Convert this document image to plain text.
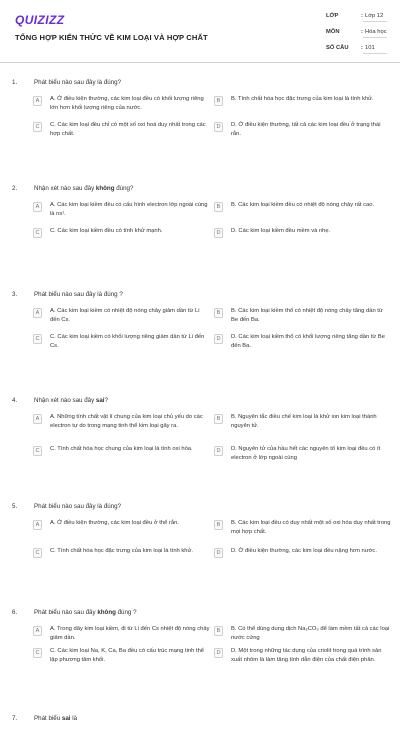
QUIZIZZ
TỔNG HỢP KIẾN THỨC VỀ KIM LOẠI VÀ HỢP CHẤT
LỚP	: Lớp 12
MÔN	: Hóa học
SỐ CÂU : 101
1.	Phát biểu nào sau đây là đúng?
A	A. Ở điều kiện thường, các kim loại đều có khối lượng riêng lớn hơn khối lượng riêng của nước.
B	B. Tính chất hóa học đặc trưng của kim loại là tính khử.
C	C. Các kim loại đều chỉ có một số oxi hoá duy nhất trong các hợp chất.
D	D. Ở điều kiện thường, tất cả các kim loại đều ở trạng thái rắn.
2.	Nhận xét nào sau đây không đúng?
A	A. Các kim loại kiềm đều có cấu hình electron lớp ngoài cùng là ns¹.
B	B. Các kim loại kiềm đều có nhiệt độ nóng chảy rất cao.
C	C. Các kim loại kiềm đều có tính khử mạnh.	D	D. Các kim loại kiềm đều mềm và nhẹ.
3.	Phát biểu nào sau đây là đúng ?
A	A. Các kim loại kiềm có nhiệt độ nóng chảy giảm dần từ Li đến Cs.
B	B. Các kim loại kiềm thổ có nhiệt độ nóng chảy tăng dần từ Be đến Ba.
C	C. Các kim loại kiềm có khối lượng riêng giảm dần từ Li đến Cs.
D	D. Các kim loại kiềm thổ có khối lượng riêng tăng dần từ Be đến Ba.
4.	Nhận xét nào sau đây sai?
A	A. Những tính chất vật lí chung của kim loại chủ yếu do các electron tự do trong mạng tinh thể kim loại gây ra.
B	B. Nguyên tắc điều chế kim loại là khử ion kim loại thành nguyên tử.
C	C. Tính chất hóa học chung của kim loại là tính oxi hóa.	D	D. Nguyên tử của hầu hết các nguyên tố kim loại đều có ít electron ở lớp ngoài cùng
5.	Phát biểu nào sau đây là đúng?
A	A. Ở điều kiện thường, các kim loại đều ở thể rắn.	B	B. Các kim loại đều có duy nhất một số oxi hóa duy nhất trong mọi hợp chất.
C	C. Tính chất hóa học đặc trưng của kim loại là tính khử.	D	D. Ở điều kiện thường, các kim loại đều nặng hơn nước.
6.	Phát biểu nào sau đây không đúng ?
A	A. Trong dãy kim loại kiềm, đi từ Li đến Cs nhiệt độ nóng chảy giảm dần.
B	B. Có thể dùng dung dịch Na₂CO₃ để làm mềm tất cả các loại nước cứng
C	C. Các kim loại Na, K, Ca, Ba đều có cấu trúc mạng tinh thể lập phương tâm khối.
D	D. Một trong những tác dụng của criolit trong quá trình sản xuất nhôm là làm tăng tính dẫn điện của chất điện phân.
7.	Phát biểu sai là
